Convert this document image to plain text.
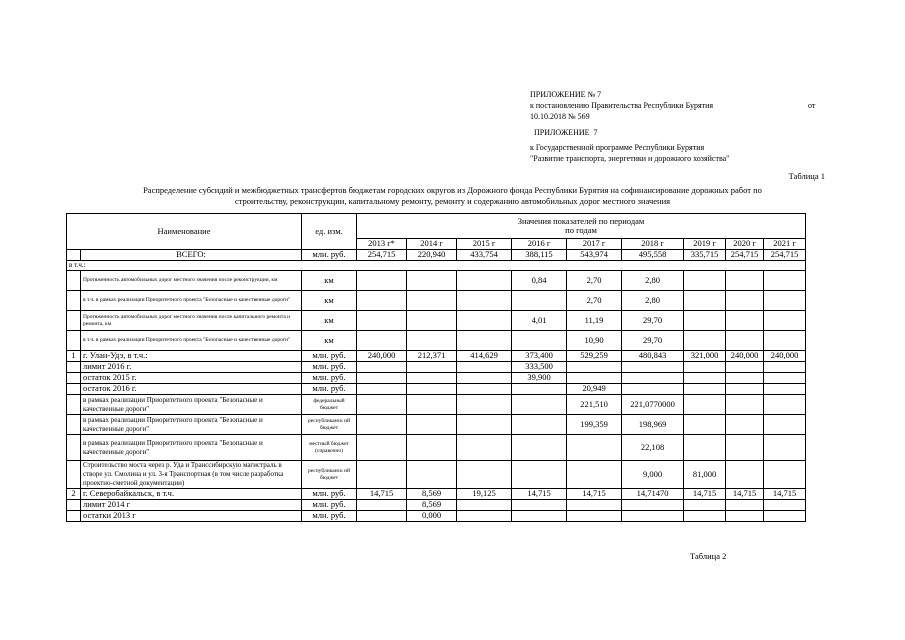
ПРИЛОЖЕНИЕ № 7
к постановлению Правительства Республики Бурятия	от
10.10.2018 № 569
ПРИЛОЖЕНИЕ  7
к Государственной программе Республики Бурятия
"Развитие транспорта, энергетики и дорожного хозяйства"
Таблица 1
Распределение субсидий и межбюджетных трансфертов бюджетам городских округов из Дорожного фонда Республики Бурятия на софинансирование дорожных работ по
строительству, реконструкции, капитальному ремонту, ремонту и содержанию автомобильных дорог местного значения
Наименование		ед. изм.	Значения показателей по периодам
по годам								

			2013 г*	2014 г	2015 г	2016 г	2017 г	2018 г	2019 г	2020 г	2021 г
	ВСЕГО:	млн. руб.	254,715	220,940	433,754	388,115	543,974	495,558	335,715	254,715	254,715
в т.ч.:											
	Протяженность автомобильных дорог местного значения после реконструкции, км	км				0,84	2,70	2,80			
	в т.ч. в рамках реализации Приоритетного проекта "Безопасные и качественные дороги"	км					2,70	2,80			
	Протяженность автомобильных дорог местного значения после капитального ремонта и ремонта, км	км				4,01	11,19	29,70			
	в т.ч. в рамках реализации Приоритетного проекта "Безопасные и качественные дороги"	км					10,90	29,70			
1	г. Улан-Удэ, в т.ч.:	млн. руб.	240,000	212,371	414,629	373,400	529,259	480,843	321,000	240,000	240,000
	лимит 2016 г.	млн. руб.				333,500					
	остаток 2015 г.	млн. руб.				39,900					
	остаток 2016 г.	млн. руб.					20,949				
	в рамках реализации Приоритетного проекта "Безопасные и качественные дороги"	федеральный бюджет					221,510	221,0770000			
	в рамках реализации Приоритетного проекта "Безопасные и качественные дороги"	республиканск ий бюджет					199,359	198,969			
	в рамках реализации Приоритетного проекта "Безопасные и качественные дороги"	местный бюджет (справочно)						22,108			
	Строительство моста через р. Уда и Транссибирскую магистраль в створе ул. Смолина и ул. 3-я Транспортная (в том числе разработка проектно-сметной документации)	республиканск ий бюджет						9,000	81,000		
2	г. Северобайкальск, в т.ч.	млн. руб.	14,715	8,569	19,125	14,715	14,715	14,71470	14,715	14,715	14,715
	лимит 2014 г	млн. руб.		8,569							
	остатки 2013 г	млн. руб.		0,000							
Таблица 2
